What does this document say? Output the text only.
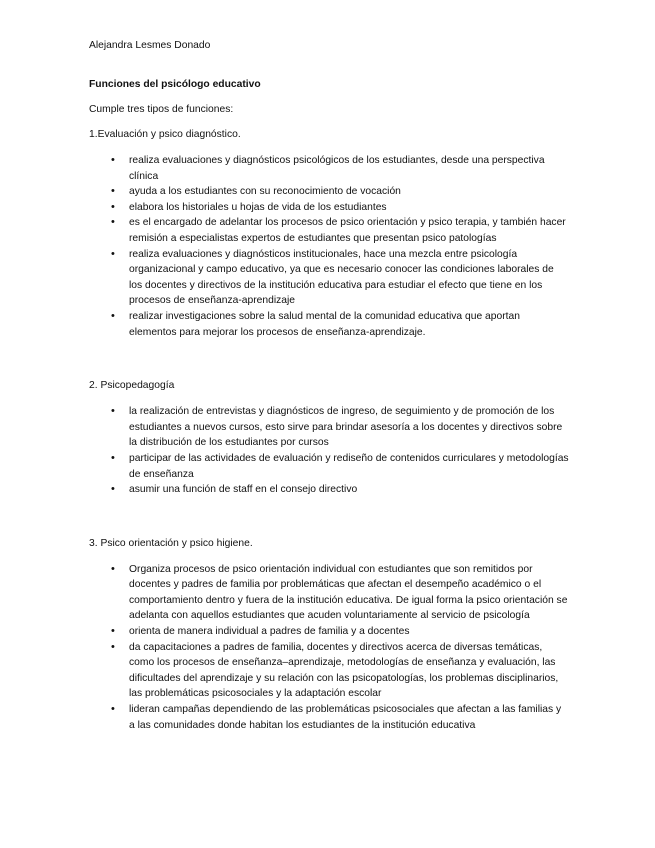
Alejandra Lesmes Donado

Funciones del psicólogo educativo

Cumple tres tipos de funciones:

1.Evaluación y psico diagnóstico.

• realiza evaluaciones y diagnósticos psicológicos de los estudiantes, desde una perspectiva clínica
• ayuda a los estudiantes con su reconocimiento de vocación
• elabora los historiales u hojas de vida de los estudiantes
• es el encargado de adelantar los procesos de psico orientación y psico terapia, y también hacer remisión a especialistas expertos de estudiantes que presentan psico patologías
• realiza evaluaciones y diagnósticos institucionales, hace una mezcla entre psicología organizacional y campo educativo, ya que es necesario conocer las condiciones laborales de los docentes y directivos de la institución educativa para estudiar el efecto que tiene en los procesos de enseñanza-aprendizaje
• realizar investigaciones sobre la salud mental de la comunidad educativa que aportan elementos para mejorar los procesos de enseñanza-aprendizaje.

2. Psicopedagogía

• la realización de entrevistas y diagnósticos de ingreso, de seguimiento y de promoción de los estudiantes a nuevos cursos, esto sirve para brindar asesoría a los docentes y directivos sobre la distribución de los estudiantes por cursos
• participar de las actividades de evaluación y rediseño de contenidos curriculares y metodologías de enseñanza
• asumir una función de staff en el consejo directivo

3. Psico orientación y psico higiene.

• Organiza procesos de psico orientación individual con estudiantes que son remitidos por docentes y padres de familia por problemáticas que afectan el desempeño académico o el comportamiento dentro y fuera de la institución educativa. De igual forma la psico orientación se adelanta con aquellos estudiantes que acuden voluntariamente al servicio de psicología
• orienta de manera individual a padres de familia y a docentes
• da capacitaciones a padres de familia, docentes y directivos acerca de diversas temáticas, como los procesos de enseñanza–aprendizaje, metodologías de enseñanza y evaluación, las dificultades del aprendizaje y su relación con las psicopatologías, los problemas disciplinarios, las problemáticas psicosociales y la adaptación escolar
• lideran campañas dependiendo de las problemáticas psicosociales que afectan a las familias y a las comunidades donde habitan los estudiantes de la institución educativa
